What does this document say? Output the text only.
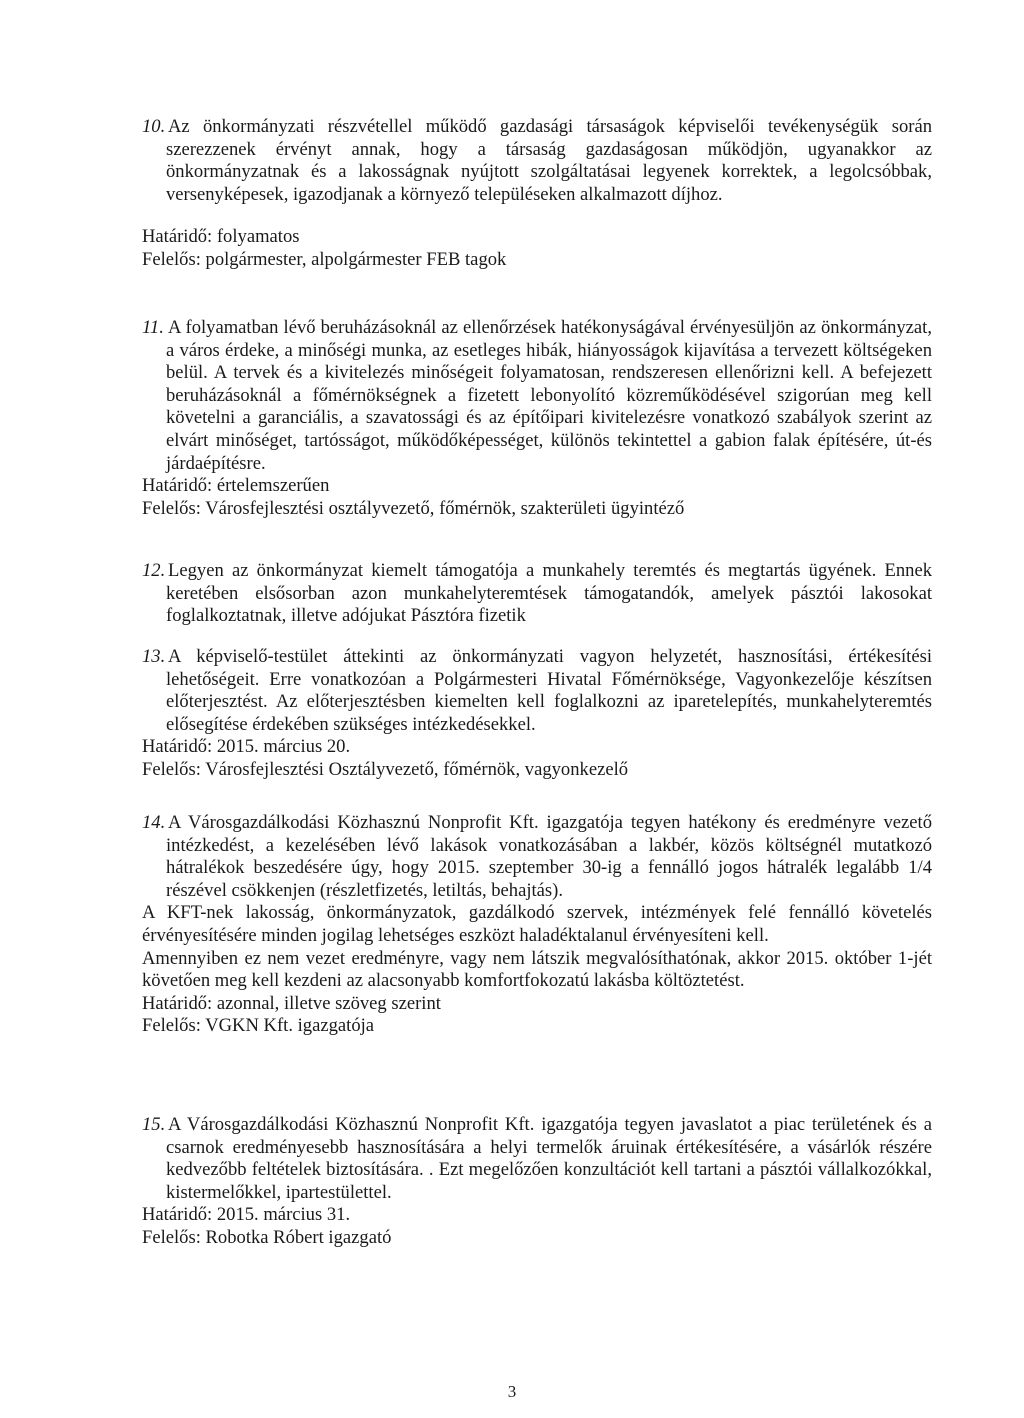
10. Az önkormányzati részvétellel működő gazdasági társaságok képviselői tevékenységük során szerezzenek érvényt annak, hogy a társaság gazdaságosan működjön, ugyanakkor az önkormányzatnak és a lakosságnak nyújtott szolgáltatásai legyenek korrektek, a legolcsóbbak, versenyképesek, igazodjanak a környező településeken alkalmazott díjhoz.

Határidő: folyamatos

Felelős: polgármester, alpolgármester FEB tagok

11. A folyamatban lévő beruházásoknál az ellenőrzések hatékonyságával érvényesüljön az önkormányzat, a város érdeke, a minőségi munka, az esetleges hibák, hiányosságok kijavítása a tervezett költségeken belül. A tervek és a kivitelezés minőségeit folyamatosan, rendszeresen ellenőrizni kell. A befejezett beruházásoknál a főmérnökségnek a fizetett lebonyolító közreműködésével szigorúan meg kell követelni a garanciális, a szavatossági és az építőipari kivitelezésre vonatkozó szabályok szerint az elvárt minőséget, tartósságot, működőképességet, különös tekintettel a gabion falak építésére, út-és járdaépítésre.

Határidő: értelemszerűen

Felelős: Városfejlesztési osztályvezető, főmérnök, szakterületi ügyintéző

12. Legyen az önkormányzat kiemelt támogatója a munkahely teremtés és megtartás ügyének. Ennek keretében elsősorban azon munkahelyteremtések támogatandók, amelyek pásztói lakosokat foglalkoztatnak, illetve adójukat Pásztóra fizetik

13. A képviselő-testület áttekinti az önkormányzati vagyon helyzetét, hasznosítási, értékesítési lehetőségeit. Erre vonatkozóan a Polgármesteri Hivatal Főmérnöksége, Vagyonkezelője készítsen előterjesztést. Az előterjesztésben kiemelten kell foglalkozni az iparetelepítés, munkahelyteremtés elősegítése érdekében szükséges intézkedésekkel.

Határidő: 2015. március 20.

Felelős: Városfejlesztési Osztályvezető, főmérnök, vagyonkezelő

14. A Városgazdálkodási Közhasznú Nonprofit Kft. igazgatója tegyen hatékony és eredményre vezető intézkedést, a kezelésében lévő lakások vonatkozásában a lakbér, közös költségnél mutatkozó hátralékok beszedésére úgy, hogy 2015. szeptember 30-ig a fennálló jogos hátralék legalább 1/4 részével csökkenjen (részletfizetés, letiltás, behajtás).

A KFT-nek lakosság, önkormányzatok, gazdálkodó szervek, intézmények felé fennálló követelés érvényesítésére minden jogilag lehetséges eszközt haladéktalanul érvényesíteni kell.

Amennyiben ez nem vezet eredményre, vagy nem látszik megvalósíthatónak, akkor 2015. október 1-jét követően meg kell kezdeni az alacsonyabb komfortfokozatú lakásba költöztetést.

Határidő: azonnal, illetve szöveg szerint

Felelős: VGKN Kft. igazgatója

15. A Városgazdálkodási Közhasznú Nonprofit Kft. igazgatója tegyen javaslatot a piac területének és a csarnok eredményesebb hasznosítására a helyi termelők áruinak értékesítésére, a vásárlók részére kedvezőbb feltételek biztosítására. . Ezt megelőzően konzultációt kell tartani a pásztói vállalkozókkal, kistermelőkkel, ipartestülettel.

Határidő: 2015. március 31.

Felelős: Robotka Róbert igazgató

3
